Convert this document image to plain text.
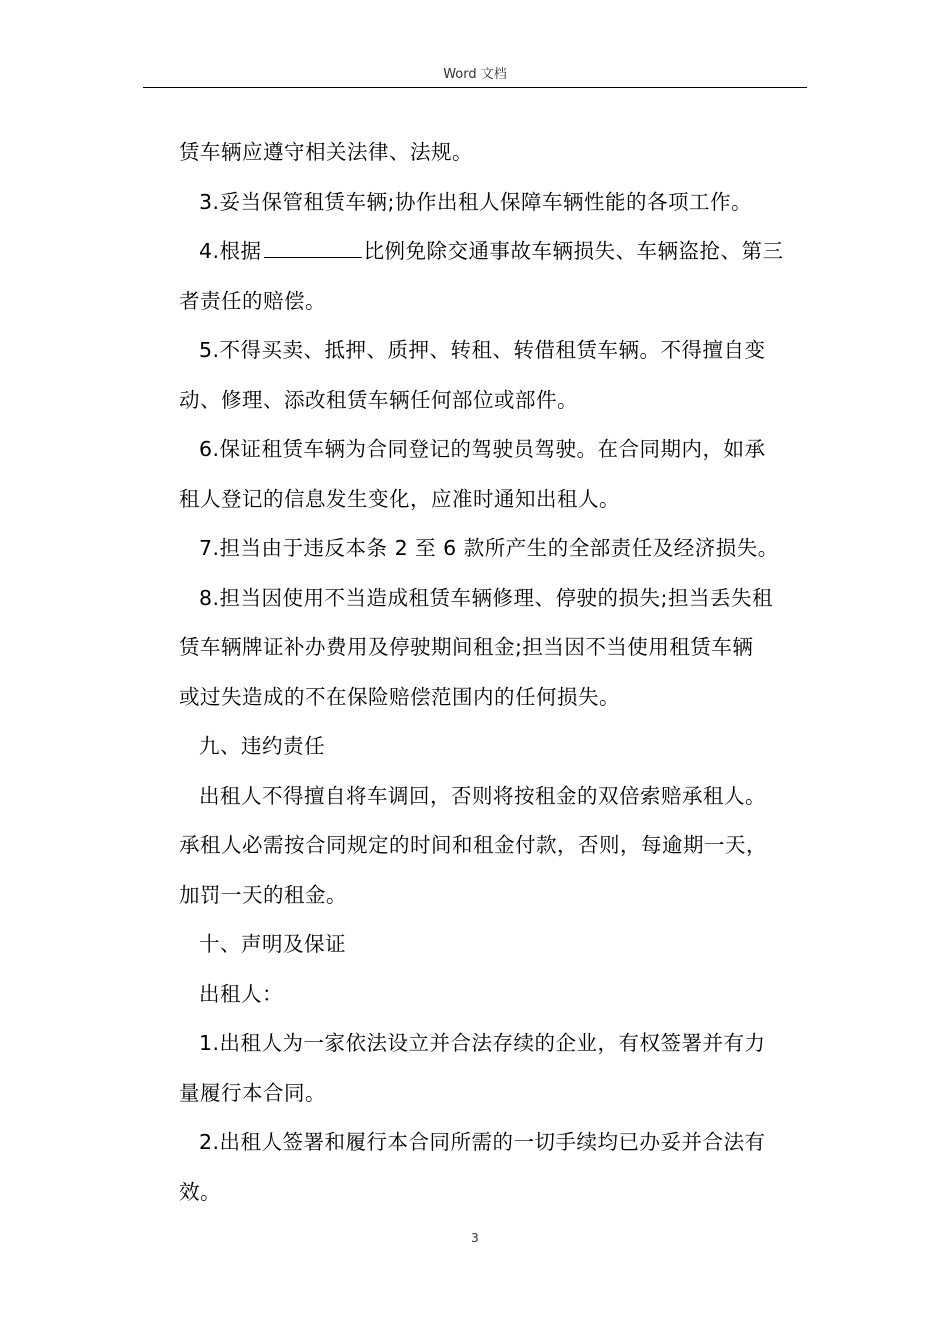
Word 文档
赁车辆应遵守相关法律、法规。
3.妥当保管租赁车辆;协作出租人保障车辆性能的各项工作。
4.根据	比例免除交通事故车辆损失、车辆盗抢、第三
者责任的赔偿。
5.不得买卖、抵押、质押、转租、转借租赁车辆。不得擅自变
动、修理、添改租赁车辆任何部位或部件。
6.保证租赁车辆为合同登记的驾驶员驾驶。在合同期内，如承
租人登记的信息发生变化，应准时通知出租人。
7.担当由于违反本条 2 至 6 款所产生的全部责任及经济损失。
8.担当因使用不当造成租赁车辆修理、停驶的损失;担当丢失租
赁车辆牌证补办费用及停驶期间租金;担当因不当使用租赁车辆
或过失造成的不在保险赔偿范围内的任何损失。
九、违约责任
出租人不得擅自将车调回，否则将按租金的双倍索赔承租人。
承租人必需按合同规定的时间和租金付款，否则，每逾期一天，
加罚一天的租金。
十、声明及保证
出租人：
1.出租人为一家依法设立并合法存续的企业，有权签署并有力
量履行本合同。
2.出租人签署和履行本合同所需的一切手续均已办妥并合法有
效。
3
